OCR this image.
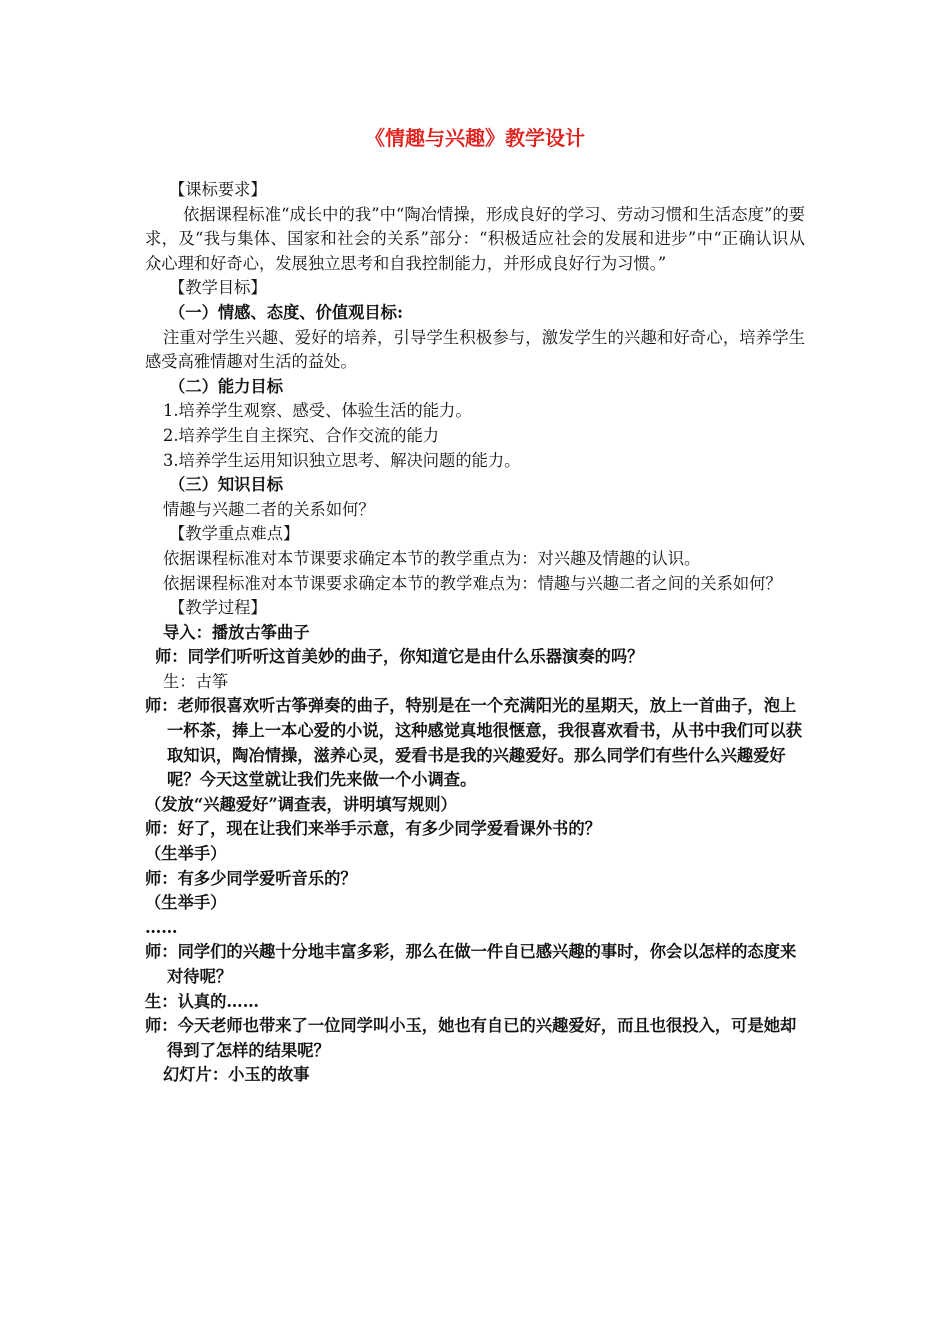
《情趣与兴趣》教学设计
【课标要求】
依据课程标准“成长中的我”中“陶冶情操，形成良好的学习、劳动习惯和生活态度”的要求，及“我与集体、国家和社会的关系”部分：“积极适应社会的发展和进步”中“正确认识从众心理和好奇心，发展独立思考和自我控制能力，并形成良好行为习惯。”
【教学目标】
（一）情感、态度、价值观目标:
注重对学生兴趣、爱好的培养，引导学生积极参与，激发学生的兴趣和好奇心，培养学生感受高雅情趣对生活的益处。
（二）能力目标
1.培养学生观察、感受、体验生活的能力。
2.培养学生自主探究、合作交流的能力
3.培养学生运用知识独立思考、解决问题的能力。
（三）知识目标
情趣与兴趣二者的关系如何？
【教学重点难点】
依据课程标准对本节课要求确定本节的教学重点为：对兴趣及情趣的认识。
依据课程标准对本节课要求确定本节的教学难点为：情趣与兴趣二者之间的关系如何？
【教学过程】
导入：播放古筝曲子
师：同学们听听这首美妙的曲子，你知道它是由什么乐器演奏的吗？
生：古筝
师：老师很喜欢听古筝弹奏的曲子，特别是在一个充满阳光的星期天，放上一首曲子，泡上一杯茶，捧上一本心爱的小说，这种感觉真地很惬意，我很喜欢看书，从书中我们可以获取知识，陶冶情操，滋养心灵，爱看书是我的兴趣爱好。那么同学们有些什么兴趣爱好呢？今天这堂就让我们先来做一个小调查。
（发放“兴趣爱好”调查表，讲明填写规则）
师：好了，现在让我们来举手示意，有多少同学爱看课外书的？
（生举手）
师：有多少同学爱听音乐的？
（生举手）
……
师：同学们的兴趣十分地丰富多彩，那么在做一件自已感兴趣的事时，你会以怎样的态度来对待呢？
生：认真的……
师：今天老师也带来了一位同学叫小玉，她也有自已的兴趣爱好，而且也很投入，可是她却得到了怎样的结果呢？
幻灯片：小玉的故事
